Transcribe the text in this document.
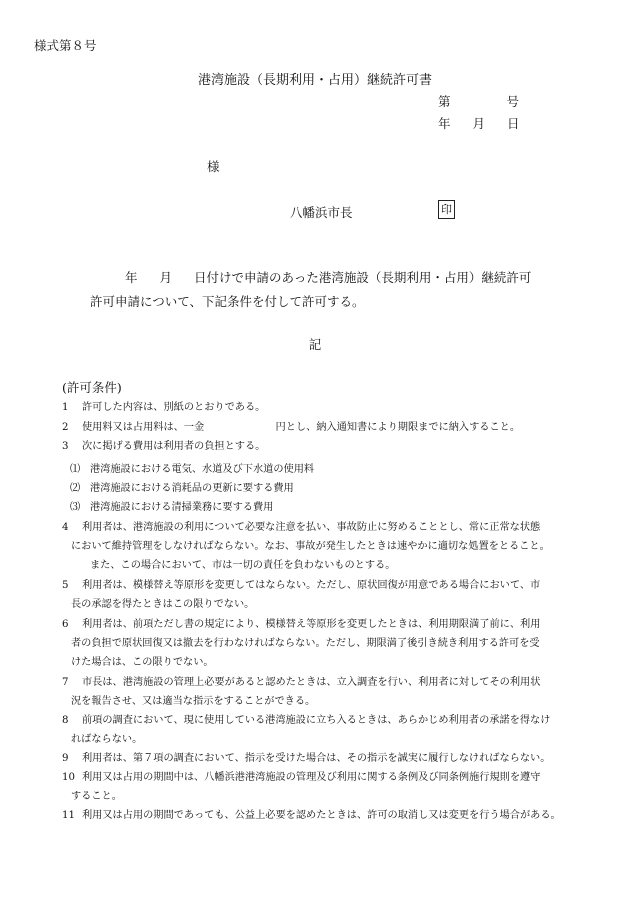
様式第８号
港湾施設（長期利用・占用）継続許可書
第	号
年 月 日
様
八幡浜市長	印
年 月 日付けで申請のあった港湾施設（長期利用・占用）継続許可
許可申請について、下記条件を付して許可する。
記
(許可条件)
1 許可した内容は、別紙のとおりである。
2 使用料又は占用料は、一金　　　　　　　円とし、納入通知書により期限までに納入すること。
3 次に掲げる費用は利用者の負担とする。
⑴ 港湾施設における電気、水道及び下水道の使用料
⑵ 港湾施設における消耗品の更新に要する費用
⑶ 港湾施設における清掃業務に要する費用
4 利用者は、港湾施設の利用について必要な注意を払い、事故防止に努めることとし、常に正常な状態
において維持管理をしなければならない。なお、事故が発生したときは速やかに適切な処置をとること。
また、この場合において、市は一切の責任を負わないものとする。
5 利用者は、模様替え等原形を変更してはならない。ただし、原状回復が用意である場合において、市
長の承認を得たときはこの限りでない。
6 利用者は、前項ただし書の規定により、模様替え等原形を変更したときは、利用期限満了前に、利用
者の負担で原状回復又は撤去を行わなければならない。ただし、期限満了後引き続き利用する許可を受
けた場合は、この限りでない。
7 市長は、港湾施設の管理上必要があると認めたときは、立入調査を行い、利用者に対してその利用状
況を報告させ、又は適当な指示をすることができる。
8 前項の調査において、現に使用している港湾施設に立ち入るときは、あらかじめ利用者の承諾を得なけ
ればならない。
9 利用者は、第７項の調査において、指示を受けた場合は、その指示を誠実に履行しなければならない。
10 利用又は占用の期間中は、八幡浜港港湾施設の管理及び利用に関する条例及び同条例施行規則を遵守
すること。
11 利用又は占用の期間であっても、公益上必要を認めたときは、許可の取消し又は変更を行う場合がある。
